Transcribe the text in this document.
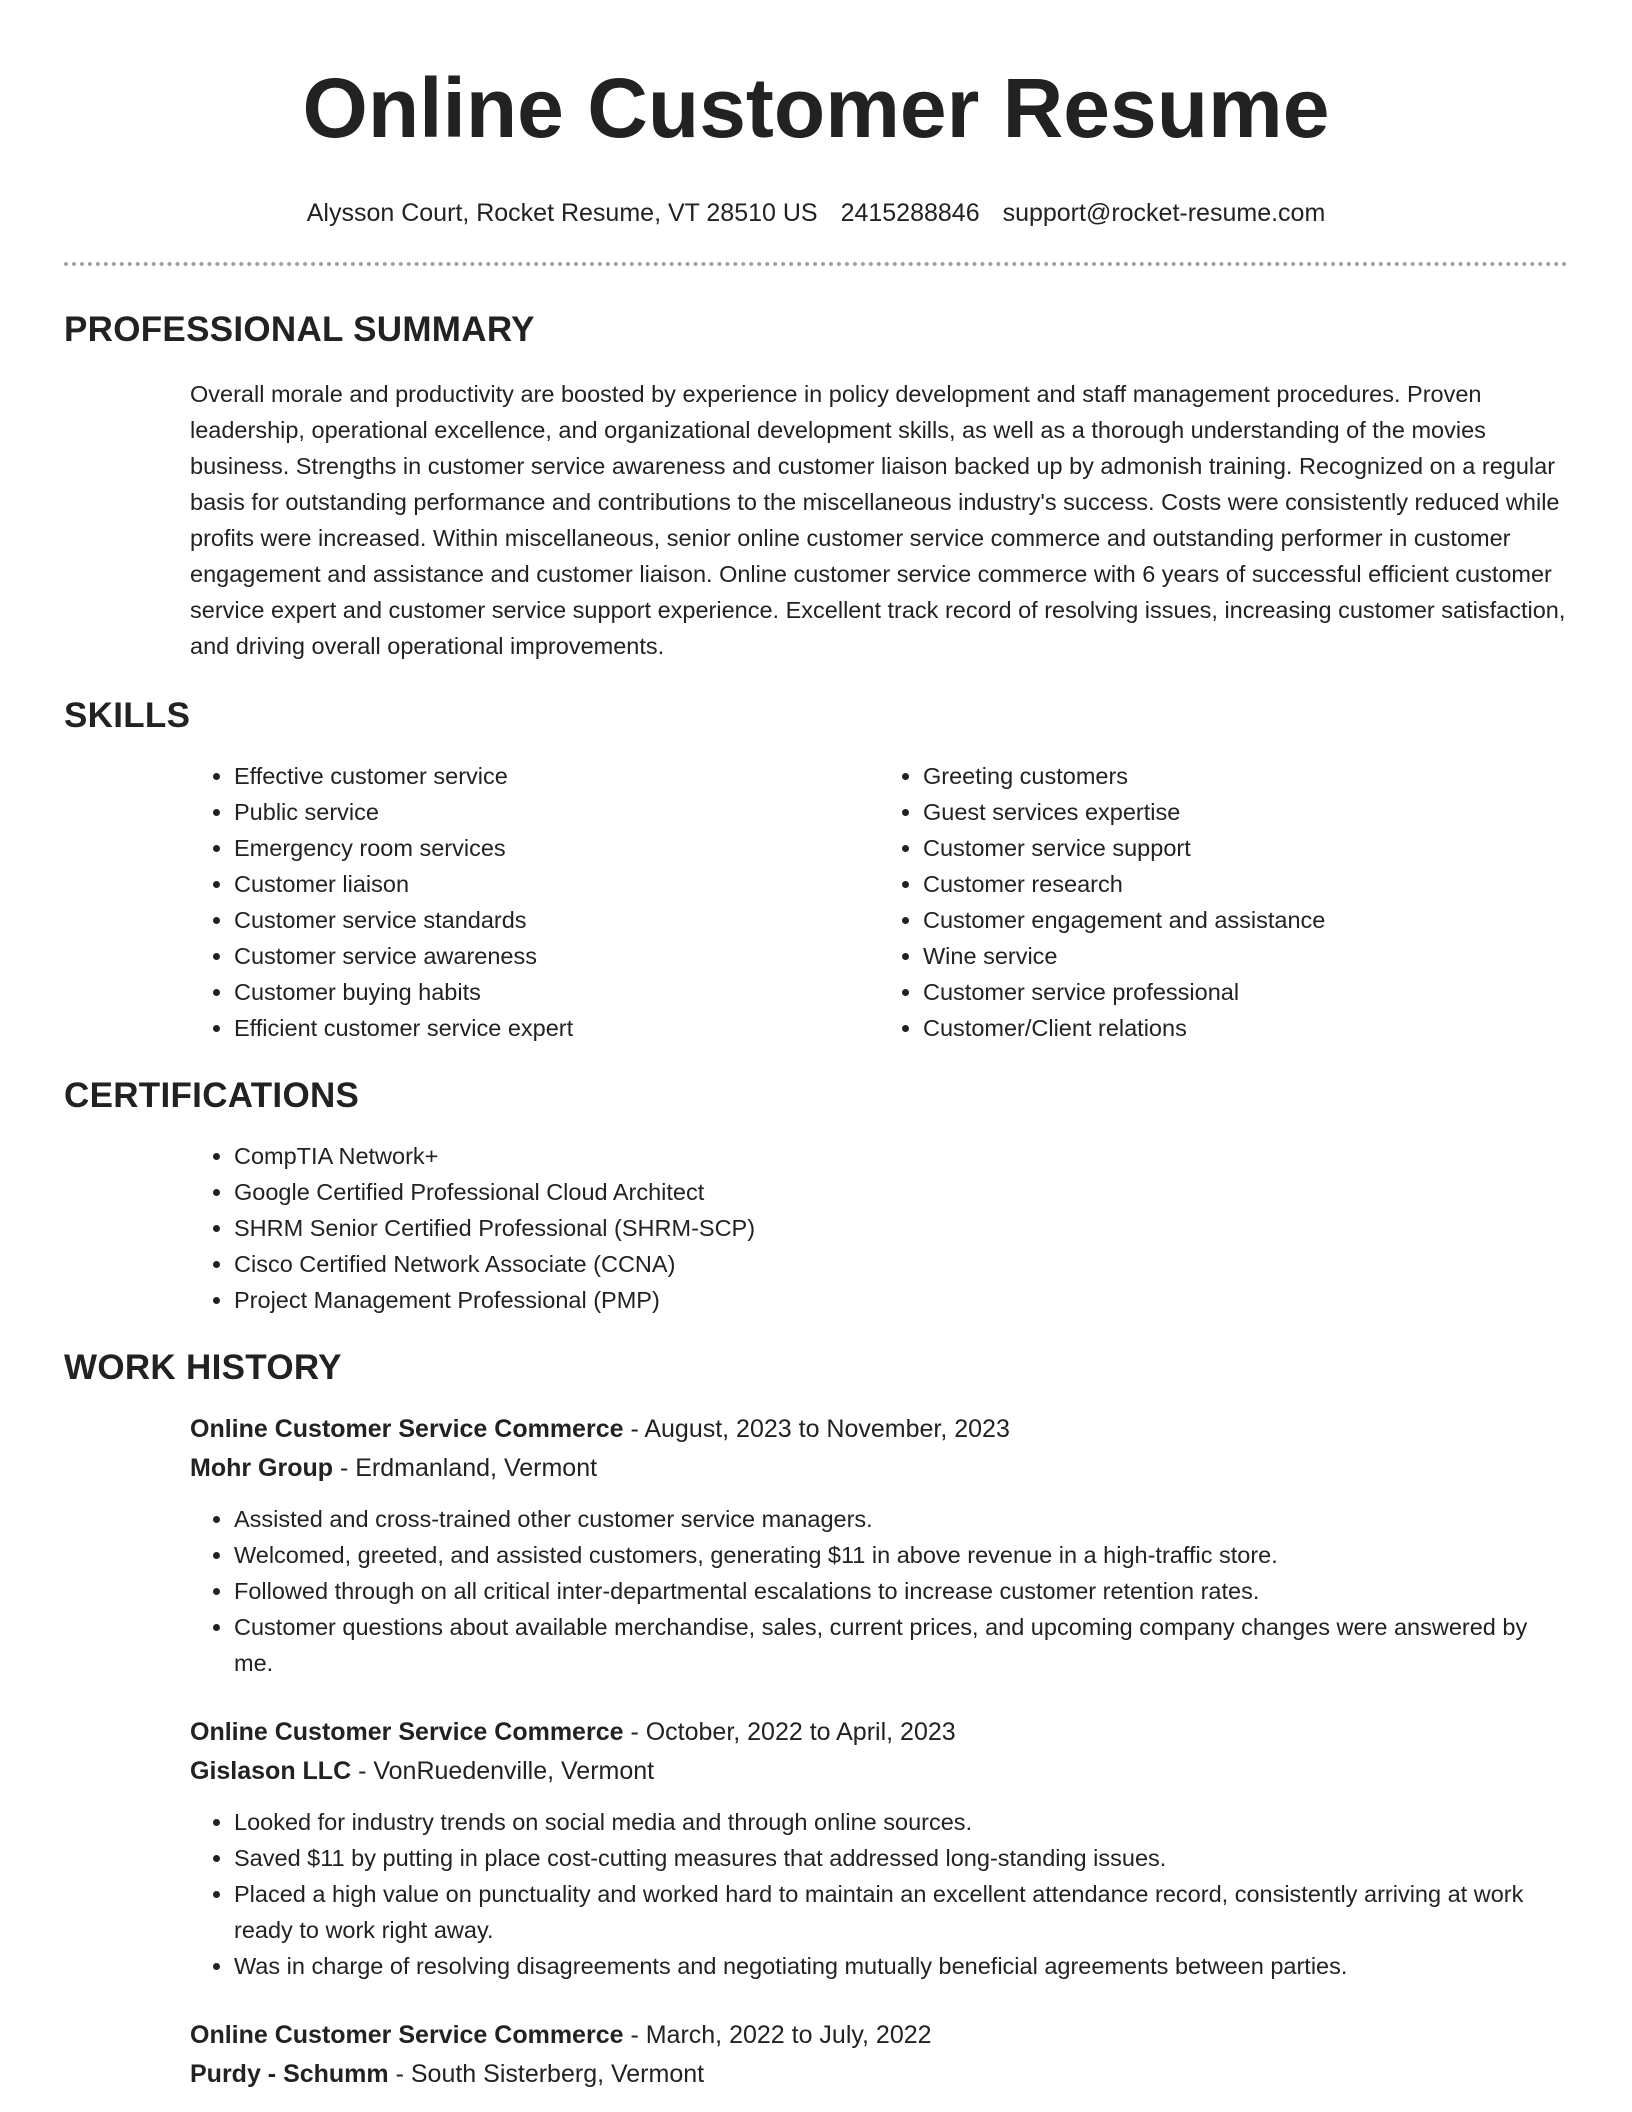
Online Customer Resume
Alysson Court, Rocket Resume, VT 28510 US 2415288846 support@rocket-resume.com
PROFESSIONAL SUMMARY

Overall morale and productivity are boosted by experience in policy development and staff management procedures. Proven leadership, operational excellence, and organizational development skills, as well as a thorough understanding of the movies business. Strengths in customer service awareness and customer liaison backed up by admonish training. Recognized on a regular basis for outstanding performance and contributions to the miscellaneous industry's success. Costs were consistently reduced while profits were increased. Within miscellaneous, senior online customer service commerce and outstanding performer in customer engagement and assistance and customer liaison. Online customer service commerce with 6 years of successful efficient customer service expert and customer service support experience. Excellent track record of resolving issues, increasing customer satisfaction, and driving overall operational improvements.

SKILLS
• Effective customer service
• Public service
• Emergency room services
• Customer liaison
• Customer service standards
• Customer service awareness
• Customer buying habits
• Efficient customer service expert
• Greeting customers
• Guest services expertise
• Customer service support
• Customer research
• Customer engagement and assistance
• Wine service
• Customer service professional
• Customer/Client relations
CERTIFICATIONS
• CompTIA Network+
• Google Certified Professional Cloud Architect
• SHRM Senior Certified Professional (SHRM-SCP)
• Cisco Certified Network Associate (CCNA)
• Project Management Professional (PMP)
WORK HISTORY
Online Customer Service Commerce - August, 2023 to November, 2023
Mohr Group - Erdmanland, Vermont
• Assisted and cross-trained other customer service managers.
• Welcomed, greeted, and assisted customers, generating $11 in above revenue in a high-traffic store.
• Followed through on all critical inter-departmental escalations to increase customer retention rates.
• Customer questions about available merchandise, sales, current prices, and upcoming company changes were answered by me.
Online Customer Service Commerce - October, 2022 to April, 2023
Gislason LLC - VonRuedenville, Vermont
• Looked for industry trends on social media and through online sources.
• Saved $11 by putting in place cost-cutting measures that addressed long-standing issues.
• Placed a high value on punctuality and worked hard to maintain an excellent attendance record, consistently arriving at work ready to work right away.
• Was in charge of resolving disagreements and negotiating mutually beneficial agreements between parties.
Online Customer Service Commerce - March, 2022 to July, 2022
Purdy - Schumm - South Sisterberg, Vermont
